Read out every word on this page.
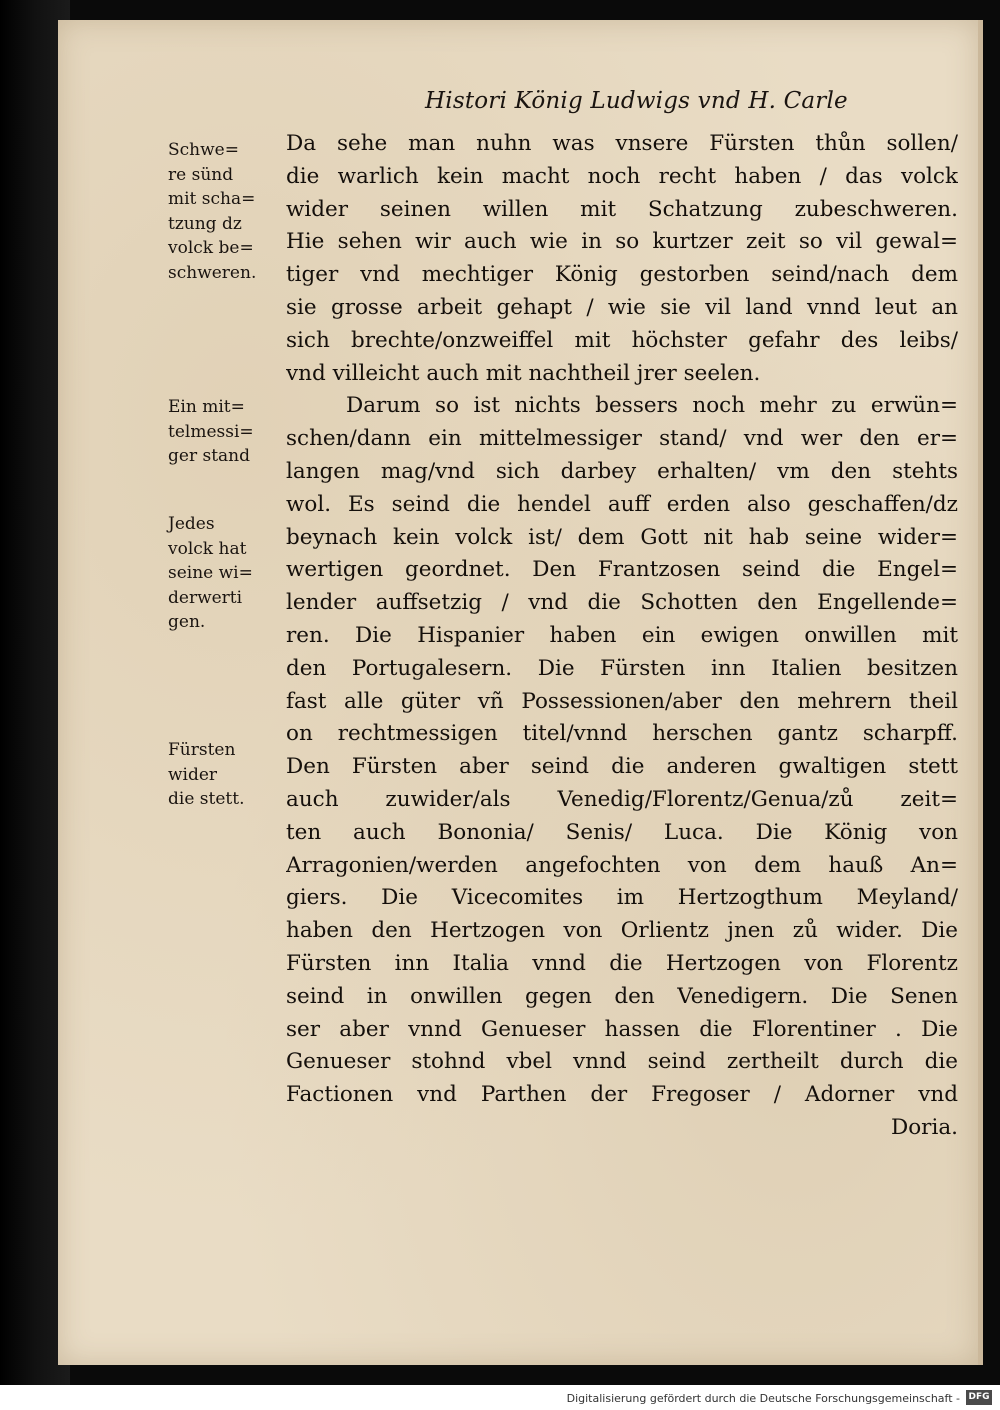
Histori König Ludwigs vnd H. Carle
Da sehe man nuhn was vnsere Fürsten thůn sollen/
die warlich kein macht noch recht haben / das volck
wider seinen willen mit Schatzung zubeschweren.
Hie sehen wir auch wie in so kurtzer zeit so vil gewal=
tiger vnd mechtiger König gestorben seind/nach dem
sie grosse arbeit gehapt / wie sie vil land vnnd leut an
sich brechte/onzweiffel mit höchster gefahr des leibs/
vnd villeicht auch mit nachtheil jrer seelen.
Darum so ist nichts bessers noch mehr zu erwün=
schen/dann ein mittelmessiger stand/ vnd wer den er=
langen mag/vnd sich darbey erhalten/ vm den stehts
wol. Es seind die hendel auff erden also geschaffen/dz
beynach kein volck ist/ dem Gott nit hab seine wider=
wertigen geordnet. Den Frantzosen seind die Engel=
lender auffsetzig / vnd die Schotten den Engellende=
ren. Die Hispanier haben ein ewigen onwillen mit
den Portugalesern. Die Fürsten inn Italien besitzen
fast alle güter vñ Possessionen/aber den mehrern theil
on rechtmessigen titel/vnnd herschen gantz scharpff.
Den Fürsten aber seind die anderen gwaltigen stett
auch zuwider/als Venedig/Florentz/Genua/zů zeit=
ten auch Bononia/ Senis/ Luca. Die König von
Arragonien/werden angefochten von dem hauß An=
giers. Die Vicecomites im Hertzogthum Meyland/
haben den Hertzogen von Orlientz jnen zů wider. Die
Fürsten inn Italia vnnd die Hertzogen von Florentz
seind in onwillen gegen den Venedigern. Die Senen
ser aber vnnd Genueser hassen die Florentiner . Die
Genueser stohnd vbel vnnd seind zertheilt durch die
Factionen vnd Parthen der Fregoser / Adorner vnd
Doria.
Schwe=
re sünd
mit scha=
tzung dz
volck be=
schweren.
Ein mit=
telmessi=
ger stand
Jedes
volck hat
seine wi=
derwerti
gen.
Fürsten
wider
die stett.
Digitalisierung gefördert durch die Deutsche Forschungsgemeinschaft - DFG
